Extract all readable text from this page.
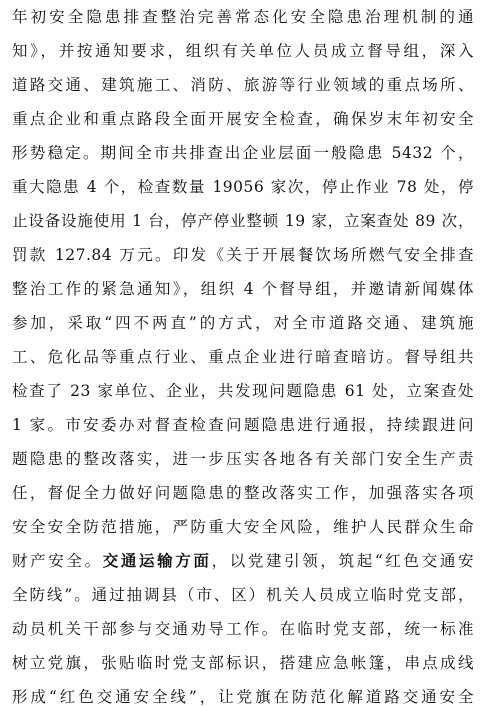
年初安全隐患排查整治完善常态化安全隐患治理机制的通
知》，并按通知要求，组织有关单位人员成立督导组，深入
道路交通、建筑施工、消防、旅游等行业领域的重点场所、
重点企业和重点路段全面开展安全检查，确保岁末年初安全
形势稳定。期间全市共排查出企业层面一般隐患 5432 个，
重大隐患 4 个，检查数量 19056 家次，停止作业 78 处，停
止设备设施使用 1 台，停产停业整顿 19 家，立案查处 89 次，
罚款 127.84 万元。印发《关于开展餐饮场所燃气安全排查
整治工作的紧急通知》，组织 4 个督导组，并邀请新闻媒体
参加，采取“四不两直”的方式，对全市道路交通、建筑施
工、危化品等重点行业、重点企业进行暗查暗访。督导组共
检查了 23 家单位、企业，共发现问题隐患 61 处，立案查处
1 家。市安委办对督查检查问题隐患进行通报，持续跟进问
题隐患的整改落实，进一步压实各地各有关部门安全生产责
任，督促全力做好问题隐患的整改落实工作，加强落实各项
安全安全防范措施，严防重大安全风险，维护人民群众生命
财产安全。交通运输方面，以党建引领，筑起“红色交通安
全防线”。通过抽调县（市、区）机关人员成立临时党支部，
动员机关干部参与交通劝导工作。在临时党支部，统一标准
树立党旗，张贴临时党支部标识，搭建应急帐篷，串点成线
形成“红色交通安全线”，让党旗在防范化解道路交通安全
